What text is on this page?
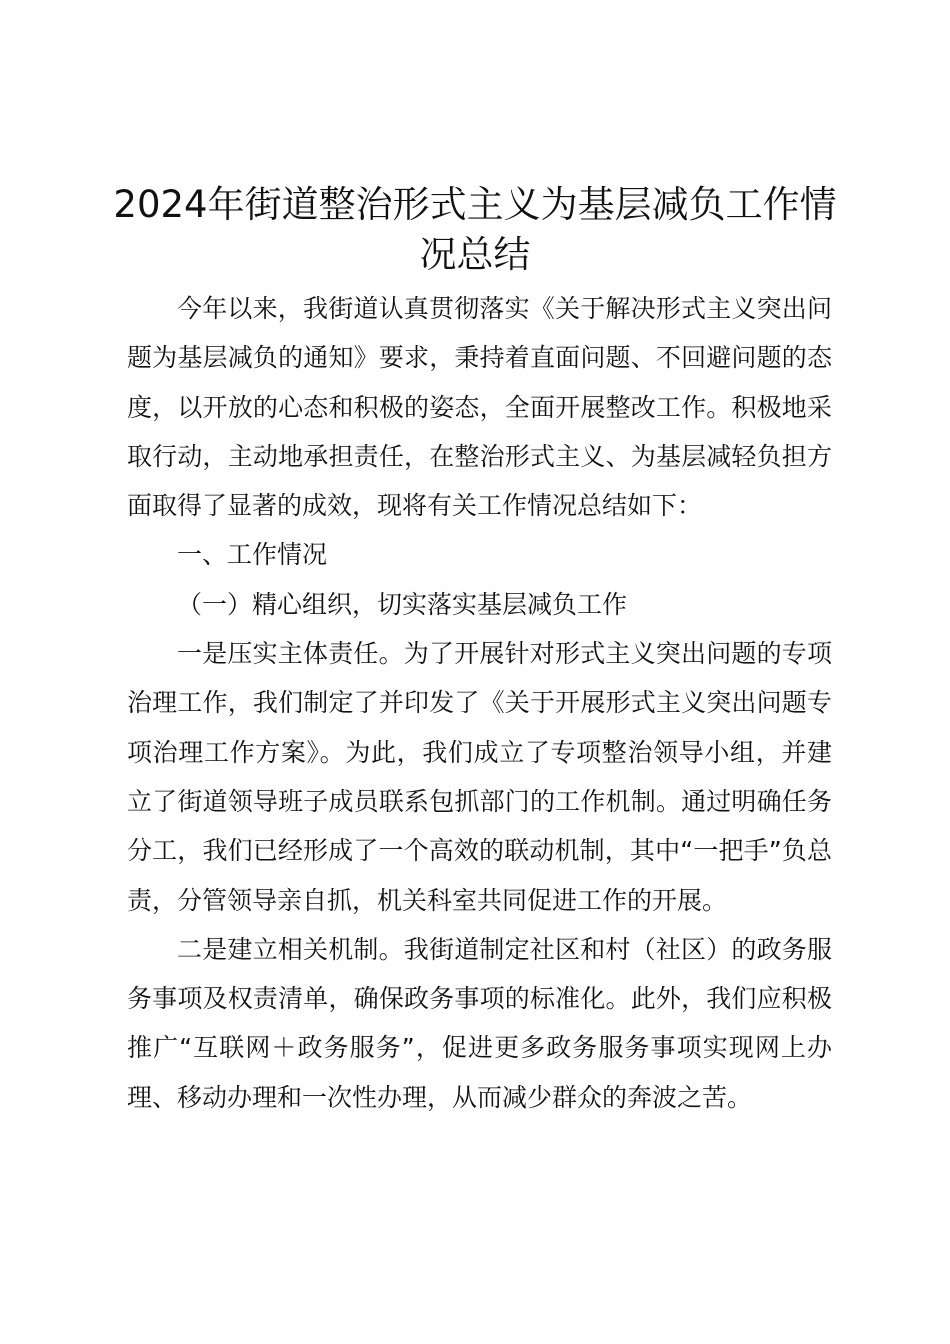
2024年街道整治形式主义为基层减负工作情
况总结

今年以来，我街道认真贯彻落实《关于解决形式主义突出问题为基层减负的通知》要求，秉持着直面问题、不回避问题的态度，以开放的心态和积极的姿态，全面开展整改工作。积极地采取行动，主动地承担责任，在整治形式主义、为基层减轻负担方面取得了显著的成效，现将有关工作情况总结如下：

一、工作情况

（一）精心组织，切实落实基层减负工作

一是压实主体责任。为了开展针对形式主义突出问题的专项治理工作，我们制定了并印发了《关于开展形式主义突出问题专项治理工作方案》。为此，我们成立了专项整治领导小组，并建立了街道领导班子成员联系包抓部门的工作机制。通过明确任务分工，我们已经形成了一个高效的联动机制，其中“一把手”负总责，分管领导亲自抓，机关科室共同促进工作的开展。

二是建立相关机制。我街道制定社区和村（社区）的政务服务事项及权责清单，确保政务事项的标准化。此外，我们应积极推广“互联网＋政务服务”，促进更多政务服务事项实现网上办理、移动办理和一次性办理，从而减少群众的奔波之苦。
